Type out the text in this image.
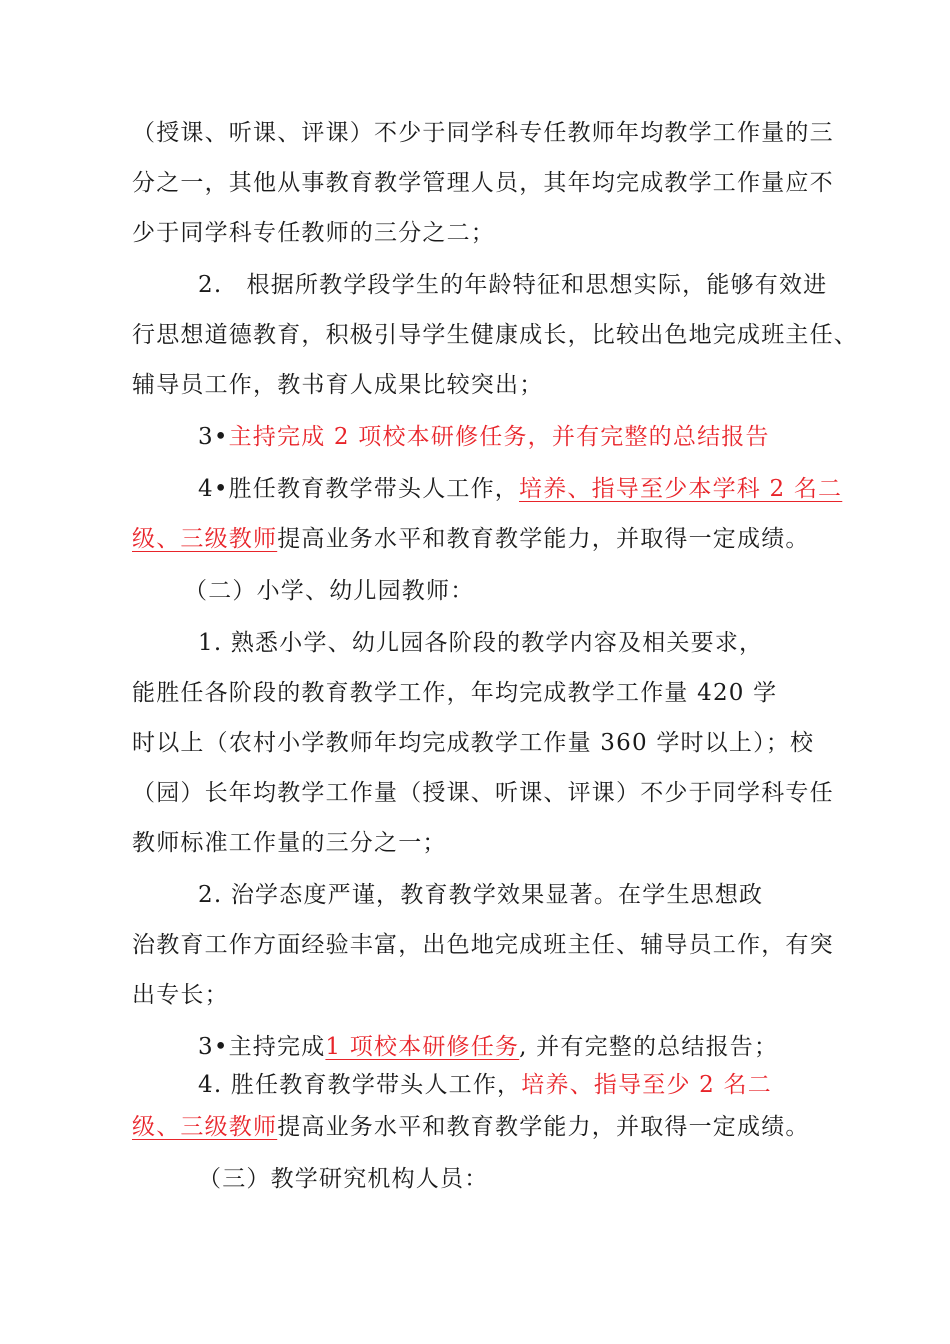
（授课、听课、评课）不少于同学科专任教师年均教学工作量的三
分之一，其他从事教育教学管理人员，其年均完成教学工作量应不
少于同学科专任教师的三分之二；
2.　根据所教学段学生的年龄特征和思想实际，能够有效进
行思想道德教育，积极引导学生健康成长，比较出色地完成班主任、
辅导员工作，教书育人成果比较突出；
3•主持完成 2 项校本研修任务，并有完整的总结报告
4•胜任教育教学带头人工作，培养、指导至少本学科 2 名二
级、三级教师提高业务水平和教育教学能力，并取得一定成绩。
（二）小学、幼儿园教师：
1. 熟悉小学、幼儿园各阶段的教学内容及相关要求，
能胜任各阶段的教育教学工作，年均完成教学工作量 420 学
时以上（农村小学教师年均完成教学工作量 360 学时以上）；校
（园）长年均教学工作量（授课、听课、评课）不少于同学科专任
教师标准工作量的三分之一；
2. 治学态度严谨，教育教学效果显著。在学生思想政
治教育工作方面经验丰富，出色地完成班主任、辅导员工作，有突
出专长；
3•主持完成1 项校本研修任务, 并有完整的总结报告；
4. 胜任教育教学带头人工作，培养、指导至少 2 名二
级、三级教师提高业务水平和教育教学能力，并取得一定成绩。
（三）教学研究机构人员：
